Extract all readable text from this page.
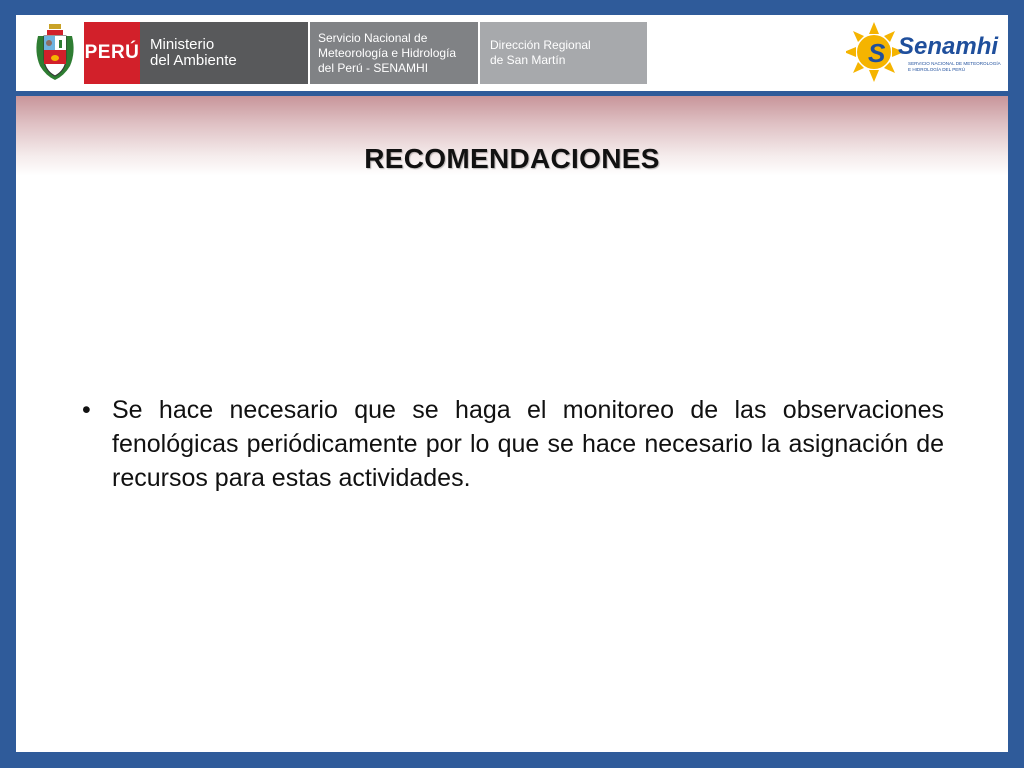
PERÚ Ministerio
del Ambiente
Servicio Nacional de
Meteorología e Hidrología
del Perú - SENAMHI
Dirección Regional
de San Martín	S Senamhi
SERVICIO NACIONAL DE METEOROLOGÍA
E HIDROLOGÍA DEL PERÚ
RECOMENDACIONES
• Se hace necesario que se haga el monitoreo de las observaciones fenológicas periódicamente por lo que se hace necesario la asignación de recursos para estas actividades.
